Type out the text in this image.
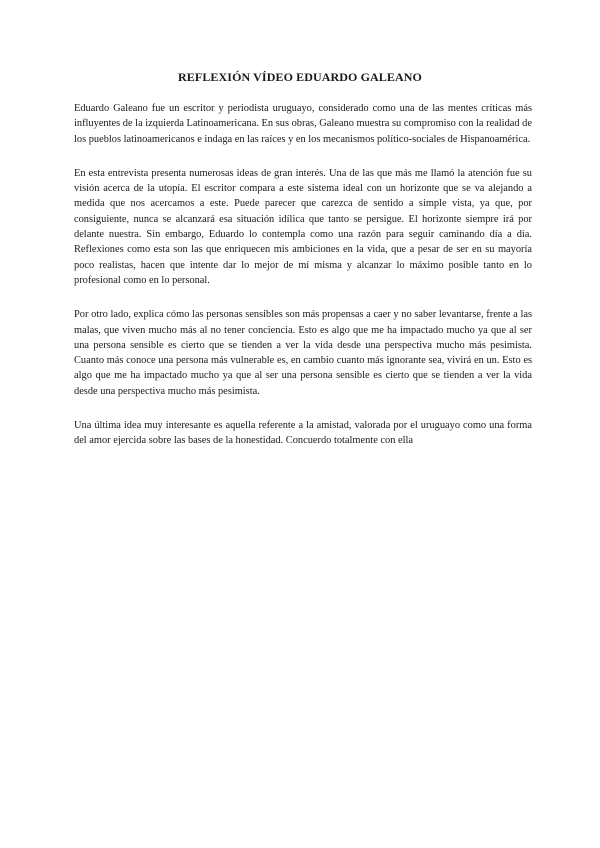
REFLEXIÓN VÍDEO EDUARDO GALEANO

Eduardo Galeano fue un escritor y periodista uruguayo, considerado como una de las mentes críticas más influyentes de la izquierda Latinoamericana. En sus obras, Galeano muestra su compromiso con la realidad de los pueblos latinoamericanos e indaga en las raíces y en los mecanismos político-sociales de Hispanoamérica.

En esta entrevista presenta numerosas ideas de gran interés. Una de las que más me llamó la atención fue su visión acerca de la utopía. El escritor compara a este sistema ideal con un horizonte que se va alejando a medida que nos acercamos a este. Puede parecer que carezca de sentido a simple vista, ya que, por consiguiente, nunca se alcanzará esa situación idílica que tanto se persigue. El horizonte siempre irá por delante nuestra. Sin embargo, Eduardo lo contempla como una razón para seguir caminando día a día. Reflexiones como esta son las que enriquecen mis ambiciones en la vida, que a pesar de ser en su mayoría poco realistas, hacen que intente dar lo mejor de mí misma y alcanzar lo máximo posible tanto en lo profesional como en lo personal.

Por otro lado, explica cómo las personas sensibles son más propensas a caer y no saber levantarse, frente a las malas, que viven mucho más al no tener conciencia. Esto es algo que me ha impactado mucho ya que al ser una persona sensible es cierto que se tienden a ver la vida desde una perspectiva mucho más pesimista. Cuanto más conoce una persona más vulnerable es, en cambio cuanto más ignorante sea, vivirá en un. Esto es algo que me ha impactado mucho ya que al ser una persona sensible es cierto que se tienden a ver la vida desde una perspectiva mucho más pesimista.

Una última idea muy interesante es aquella referente a la amistad, valorada por el uruguayo como una forma del amor ejercida sobre las bases de la honestidad. Concuerdo totalmente con ella
